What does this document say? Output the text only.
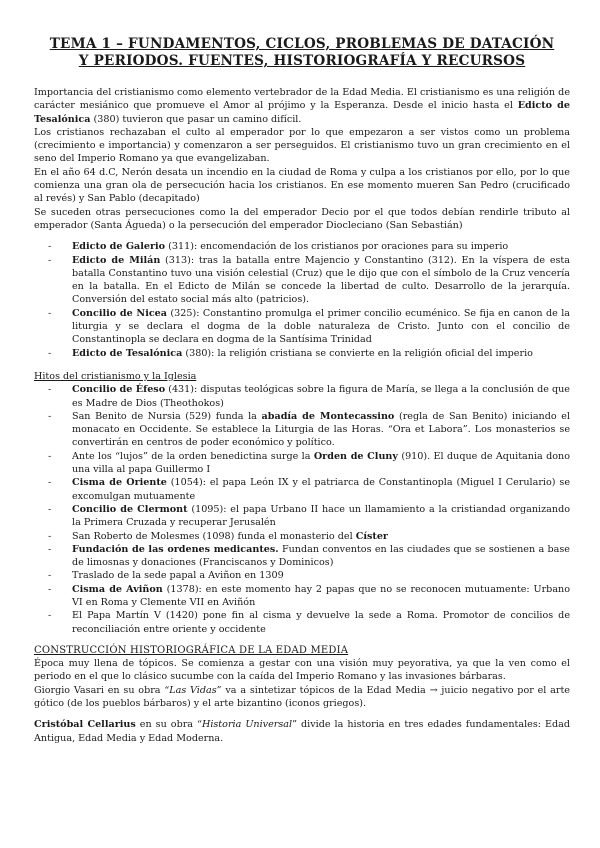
TEMA 1 – FUNDAMENTOS, CICLOS, PROBLEMAS DE DATACIÓN Y PERIODOS. FUENTES, HISTORIOGRAFÍA Y RECURSOS

Importancia del cristianismo como elemento vertebrador de la Edad Media. El cristianismo es una religión de carácter mesiánico que promueve el Amor al prójimo y la Esperanza. Desde el inicio hasta el Edicto de Tesalónica (380) tuvieron que pasar un camino difícil.

Los cristianos rechazaban el culto al emperador por lo que empezaron a ser vistos como un problema (crecimiento e importancia) y comenzaron a ser perseguidos. El cristianismo tuvo un gran crecimiento en el seno del Imperio Romano ya que evangelizaban.

En el año 64 d.C, Nerón desata un incendio en la ciudad de Roma y culpa a los cristianos por ello, por lo que comienza una gran ola de persecución hacia los cristianos. En ese momento mueren San Pedro (crucificado al revés) y San Pablo (decapitado)

Se suceden otras persecuciones como la del emperador Decio por el que todos debían rendirle tributo al emperador (Santa Águeda) o la persecución del emperador Diocleciano (San Sebastián)

- Edicto de Galerio (311): encomendación de los cristianos por oraciones para su imperio
- Edicto de Milán (313): tras la batalla entre Majencio y Constantino (312). En la víspera de esta batalla Constantino tuvo una visión celestial (Cruz) que le dijo que con el símbolo de la Cruz vencería en la batalla. En el Edicto de Milán se concede la libertad de culto. Desarrollo de la jerarquía. Conversión del estato social más alto (patricios).
- Concilio de Nicea (325): Constantino promulga el primer concilio ecuménico. Se fija en canon de la liturgia y se declara el dogma de la doble naturaleza de Cristo. Junto con el concilio de Constantinopla se declara en dogma de la Santísima Trinidad
- Edicto de Tesalónica (380): la religión cristiana se convierte en la religión oficial del imperio
Hitos del cristianismo y la Iglesia
- Concilio de Éfeso (431): disputas teológicas sobre la figura de María, se llega a la conclusión de que es Madre de Dios (Theothokos)
- San Benito de Nursia (529) funda la abadía de Montecassino (regla de San Benito) iniciando el monacato en Occidente. Se establece la Liturgia de las Horas. “Ora et Labora”. Los monasterios se convertirán en centros de poder económico y político.
- Ante los “lujos” de la orden benedictina surge la Orden de Cluny (910). El duque de Aquitania dono una villa al papa Guillermo I
- Cisma de Oriente (1054): el papa León IX y el patriarca de Constantinopla (Miguel I Cerulario) se excomulgan mutuamente
- Concilio de Clermont (1095): el papa Urbano II hace un llamamiento a la cristiandad organizando la Primera Cruzada y recuperar Jerusalén
- San Roberto de Molesmes (1098) funda el monasterio del Císter
- Fundación de las ordenes medicantes. Fundan conventos en las ciudades que se sostienen a base de limosnas y donaciones (Franciscanos y Dominicos)
- Traslado de la sede papal a Aviñon en 1309
- Cisma de Aviñon (1378): en este momento hay 2 papas que no se reconocen mutuamente: Urbano VI en Roma y Clemente VII en Aviñón
- El Papa Martín V (1420) pone fin al cisma y devuelve la sede a Roma. Promotor de concilios de reconciliación entre oriente y occidente
CONSTRUCCIÓN HISTORIOGRÁFICA DE LA EDAD MEDIA

Época muy llena de tópicos. Se comienza a gestar con una visión muy peyorativa, ya que la ven como el periodo en el que lo clásico sucumbe con la caída del Imperio Romano y las invasiones bárbaras.

Giorgio Vasari en su obra “Las Vidas” va a sintetizar tópicos de la Edad Media → juicio negativo por el arte gótico (de los pueblos bárbaros) y el arte bizantino (iconos griegos).

Cristóbal Cellarius en su obra “Historia Universal” divide la historia en tres edades fundamentales: Edad Antigua, Edad Media y Edad Moderna.
